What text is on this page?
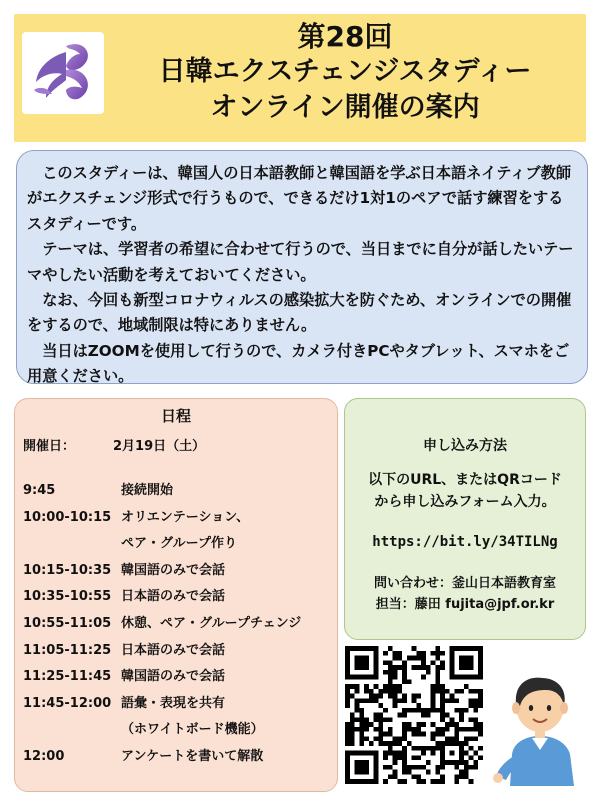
第28回
日韓エクスチェンジスタディー
オンライン開催の案内

このスタディーは、韓国人の日本語教師と韓国語を学ぶ日本語ネイティブ教師がエクスチェンジ形式で行うもので、できるだけ1対1のペアで話す練習をするスタディーです。

テーマは、学習者の希望に合わせて行うので、当日までに自分が話したいテーマやしたい活動を考えておいてください。

なお、今回も新型コロナウィルスの感染拡大を防ぐため、オンラインでの開催をするので、地域制限は特にありません。

当日はZOOMを使用して行うので、カメラ付きPCやタブレット、スマホをご用意ください。

日程
開催日：	2月19日（土）
9:45	接続開始
10:00-10:15 オリエンテーション、
ペア・グループ作り
10:15-10:35 韓国語のみで会話
10:35-10:55 日本語のみで会話
10:55-11:05 休憩、ペア・グループチェンジ
11:05-11:25 日本語のみで会話
11:25-11:45 韓国語のみで会話
11:45-12:00 語彙・表現を共有
（ホワイトボード機能）
12:00	アンケートを書いて解散
申し込み方法
以下のURL、またはQRコード
から申し込みフォーム入力。
https://bit.ly/34TILNg
問い合わせ：釜山日本語教育室
担当：藤田 fujita@jpf.or.kr
